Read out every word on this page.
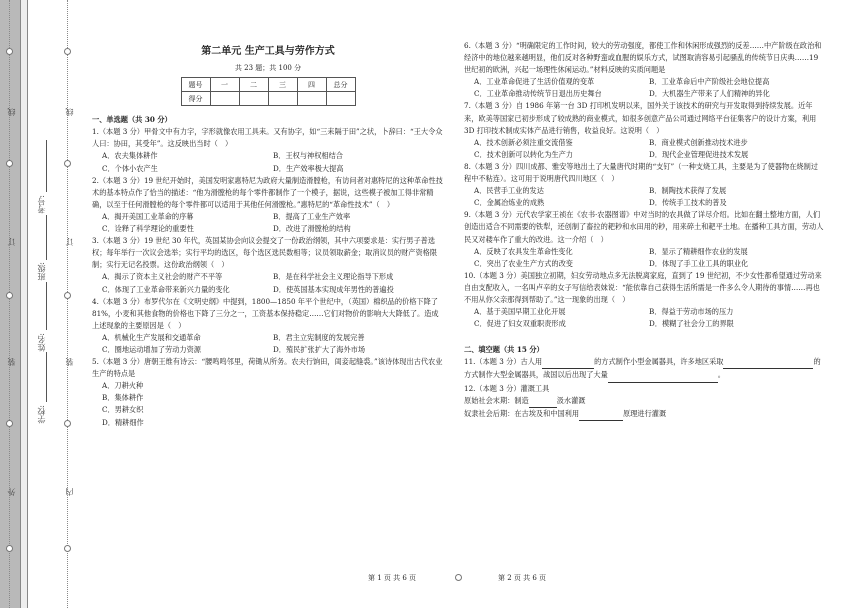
线
订
装
外
考号:
班级:
姓名:
学校:
线
订
装
内
第二单元 生产工具与劳作方式
共 23 题；共 100 分
题号	一	二	三	四	总分
得分					

一、单选题（共 30 分）

1.（本题 3 分）甲骨文中有力字，字形就像农用工具耒。又有协字，如“三耒隔于田”之状，卜辞曰：“王大令众人曰：协田，其受年”。这反映出当时（　）

A．农夫集体耕作	B．王权与神权相结合
C．个体小农产生	D．生产效率极大提高

2.（本题 3 分）19 世纪开始时，美国发明家惠特尼为政府大量制造滑膛枪，有访问者对惠特尼的这种革命性技术的基本特点作了恰当的描述：“他为滑膛枪的每个零件都制作了一个模子，据说，这些模子被加工得非常精确，以至于任何滑膛枪的每个零件都可以适用于其他任何滑膛枪。”惠特尼的“革命性技术”（　）

A．揭开美国工业革命的序幕	B．提高了工业生产效率
C．诠释了科学理论的重要性	D．改进了滑膛枪的结构

3.（本题 3 分）19 世纪 30 年代，英国某协会向议会提交了一份政治纲领，其中六项要求是：实行男子普选权；每年举行一次议会选举；实行平均的选区，每个选区选民数相等；议员领取薪金；取消议员的财产资格限制；实行无记名投票。这份政治纲领（　）

A．揭示了资本主义社会的财产不平等	B．是在科学社会主义理论指导下形成
C．体现了工业革命带来新兴力量的变化	D．使英国基本实现成年男性的普遍投

4.（本题 3 分）布罗代尔在《文明史纲》中提到，1800—1850 年平个世纪中，（英国）棉织品的价格下降了 81%，小麦和其他食物的价格也下降了三分之一，工资基本保持稳定……它们对物价的影响大大降低了。造成上述现象的主要原因是（　）

A．机械化生产发展和交通革命	B．君主立宪制度的发展完善
C．圈地运动增加了劳动力资源	D．殖民扩张扩大了海外市场

5.（本题 3 分）唐朝王维有诗云：“腰鸣鸣邻里，荷锄从所务。农夫行饷田，闺妾起缝裘。”该诗体现出古代农业生产的特点是

A．刀耕火种

B．集体耕作

C．男耕女织

D．精耕细作

6.（本题 3 分）“明确限定的工作时间，较大的劳动强度，都使工作和休闲形成强烈的反差……中产阶级在政治和经济中的地位越来越明显，他们反对各种野蛮或血腥的娱乐方式，试图取消容易引起骚乱的传统节日庆典……19 世纪初的欧洲，兴起一场理性休闲运动。”材料反映的实质问题是

A．工业革命促进了生活价值观的变革	B．工业革命后中产阶级社会地位提高
C．工业革命推动传统节日退出历史舞台	D．大机器生产带来了人们精神的异化

7.（本题 3 分）自 1986 年第一台 3D 打印机发明以来，国外关于该技术的研究与开发取得到持续发展。近年来，欧美等国家已初步形成了较成熟的商业模式，如很多创意产品公司通过网络平台征集客户的设计方案，利用 3D 打印技术制成实体产品进行销售，收益良好。这说明（　）

A．技术创新必须注重交流借鉴	B．商业模式创新推动技术进步
C．技术创新可以转化为生产力	D．现代企业管理促进技术发展

8.（本题 3 分）四川成都、雅安等地出土了大量唐代时期的“支钉”（一种支烧工具，主要是为了使器物在烧制过程中不粘连）。这可用于说明唐代四川地区（　）

A．民营手工业的发达	B．制陶技术获得了发展
C．金属冶炼业的成熟	D．传统手工技术的普及

9.（本题 3 分）元代农学家王祯在《农书·农器图谱》中对当时的农具做了详尽介绍。比如在翻土整地方面，人们创造出适合不同需要的铁犁，还创制了畜拉的耙耖和水田用的耖，用来碎土和耙平土地。在播种工具方面，劳动人民又对耧车作了重大的改进。这一介绍（　）

A．反映了农具发生革命性变化	B．显示了精耕细作农业的发展
C．突出了农业生产方式的改变	D．体现了手工业工具的职业化

10.（本题 3 分）美国独立初期，妇女劳动地点多无法脱离家庭，直到了 19 世纪初，不少女性都希望通过劳动来自由支配收入，一名叫卢辛的女子写信给表妹说：“能依靠自己获得生活所需是一件多么令人期待的事情……再也不用从你父亲那得到帮助了。”这一现象的出现（　）

A．基于美国早期工业化开展	B．得益于劳动市场的压力
C．促进了妇女双重职责形成	D．模糊了社会分工的界限

二、填空题（共 15 分）

11.（本题 3 分）古人用	的方式制作小型金属器具，许多地区采取	的方式制作大型金属器具，战国以后出现了大量	。

12.（本题 3 分）灌溉工具

原始社会末期：制造	汲水灌溉

奴隶社会后期：在古埃及和中国利用	原理进行灌溉

第 1 页 共 6 页	第 2 页 共 6 页
